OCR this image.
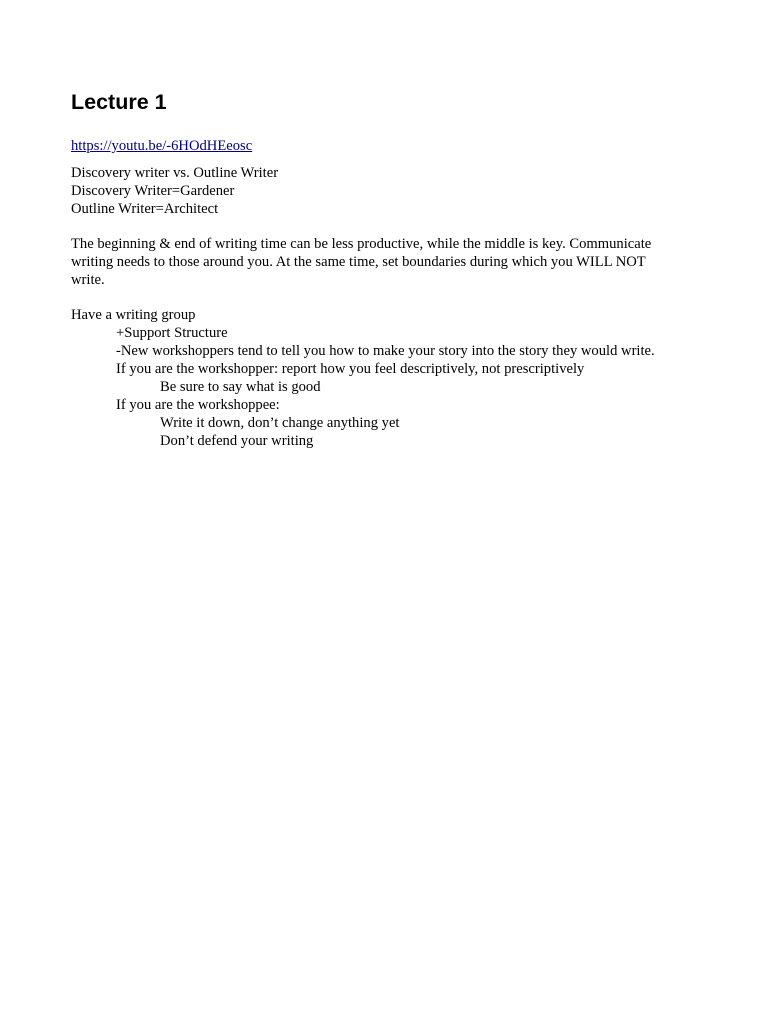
Lecture 1
https://youtu.be/-6HOdHEeosc
Discovery writer vs. Outline Writer
Discovery Writer=Gardener
Outline Writer=Architect
The beginning & end of writing time can be less productive, while the middle is key. Communicate writing needs to those around you. At the same time, set boundaries during which you WILL NOT write.
Have a writing group
+Support Structure
-New workshoppers tend to tell you how to make your story into the story they would write.
If you are the workshopper: report how you feel descriptively, not prescriptively
Be sure to say what is good
If you are the workshoppee:
Write it down, don’t change anything yet
Don’t defend your writing
